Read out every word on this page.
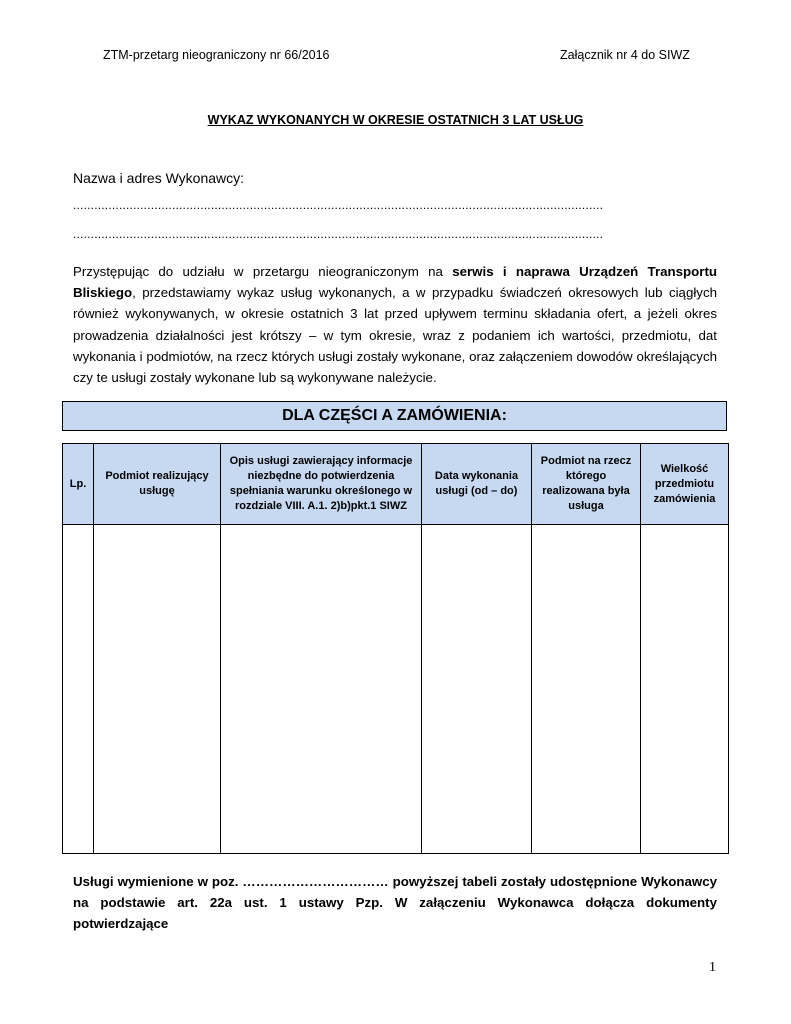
ZTM-przetarg nieograniczony nr 66/2016	Załącznik nr 4 do SIWZ
WYKAZ WYKONANYCH W OKRESIE OSTATNICH 3 LAT USŁUG
Nazwa i adres Wykonawcy:
......................................................................................................................................................
......................................................................................................................................................
Przystępując do udziału w przetargu nieograniczonym na serwis i naprawa Urządzeń Transportu Bliskiego, przedstawiamy wykaz usług wykonanych, a w przypadku świadczeń okresowych lub ciągłych również wykonywanych, w okresie ostatnich 3 lat przed upływem terminu składania ofert, a jeżeli okres prowadzenia działalności jest krótszy – w tym okresie, wraz z podaniem ich wartości, przedmiotu, dat wykonania i podmiotów, na rzecz których usługi zostały wykonane, oraz załączeniem dowodów określających czy te usługi zostały wykonane lub są wykonywane należycie.
DLA CZĘŚCI A ZAMÓWIENIA:
Lp.	Podmiot realizujący usługę	Opis usługi zawierający informacje niezbędne do potwierdzenia spełniania warunku określonego w rozdziale VIII. A.1. 2)b)pkt.1 SIWZ	Data wykonania usługi (od – do)	Podmiot na rzecz którego realizowana była usługa	Wielkość przedmiotu zamówienia

Usługi wymienione w poz. …………………………… powyższej tabeli zostały udostępnione Wykonawcy na podstawie art. 22a ust. 1 ustawy Pzp. W załączeniu Wykonawca dołącza dokumenty potwierdzające
1
